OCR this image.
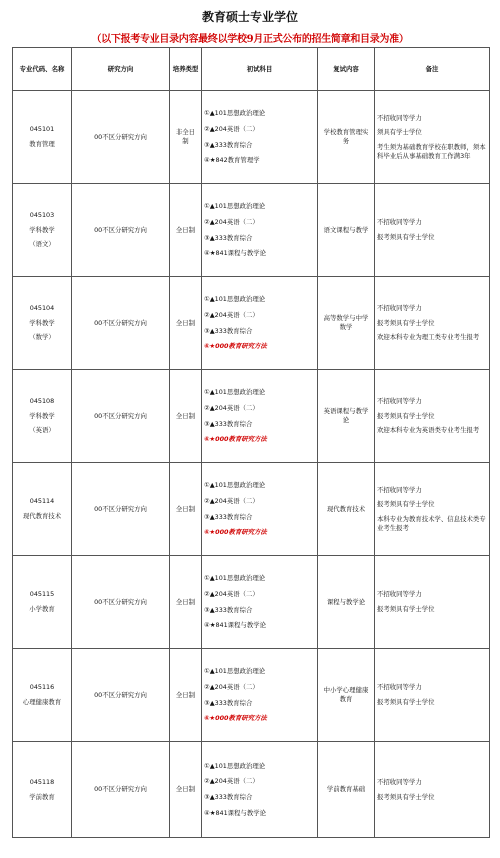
教育硕士专业学位
（以下报考专业目录内容最终以学校9月正式公布的招生简章和目录为准）
专业代码、名称	研究方向	培养类型	初试科目	复试内容	备注

045101
教育管理	00不区分研究方向	非全日
制	①▲101思想政治理论
②▲204英语（二）
③▲333教育综合
④★842教育管理学	学校教育管理实
务	不招收同等学力
须具有学士学位
考生须为基础教育学校在职教师，须本科毕业后从事基础教育工作满3年

045103
学科教学
（语文）	00不区分研究方向	全日制	①▲101思想政治理论
②▲204英语（二）
③▲333教育综合
④★841课程与教学论	语文课程与教学	不招收同等学力
报考须具有学士学位

045104
学科教学
（数学）	00不区分研究方向	全日制	①▲101思想政治理论
②▲204英语（二）
③▲333教育综合
④★000教育研究方法	高等数学与中学
数学	不招收同等学力
报考须具有学士学位
欢迎本科专业为理工类专业考生报考

045108
学科教学
（英语）	00不区分研究方向	全日制	①▲101思想政治理论
②▲204英语（二）
③▲333教育综合
④★000教育研究方法	英语课程与教学
论	不招收同等学力
报考须具有学士学位
欢迎本科专业为英语类专业考生报考

045114
现代教育技术	00不区分研究方向	全日制	①▲101思想政治理论
②▲204英语（二）
③▲333教育综合
④★000教育研究方法	现代教育技术	不招收同等学力
报考须具有学士学位
本科专业为教育技术学、信息技术类专业考生报考

045115
小学教育	00不区分研究方向	全日制	①▲101思想政治理论
②▲204英语（二）
③▲333教育综合
④★841课程与教学论	课程与教学论	不招收同等学力
报考须具有学士学位

045116
心理健康教育	00不区分研究方向	全日制	①▲101思想政治理论
②▲204英语（二）
③▲333教育综合
④★000教育研究方法	中小学心理健康
教育	不招收同等学力
报考须具有学士学位

045118
学前教育	00不区分研究方向	全日制	①▲101思想政治理论
②▲204英语（二）
③▲333教育综合
④★841课程与教学论	学前教育基础	不招收同等学力
报考须具有学士学位
